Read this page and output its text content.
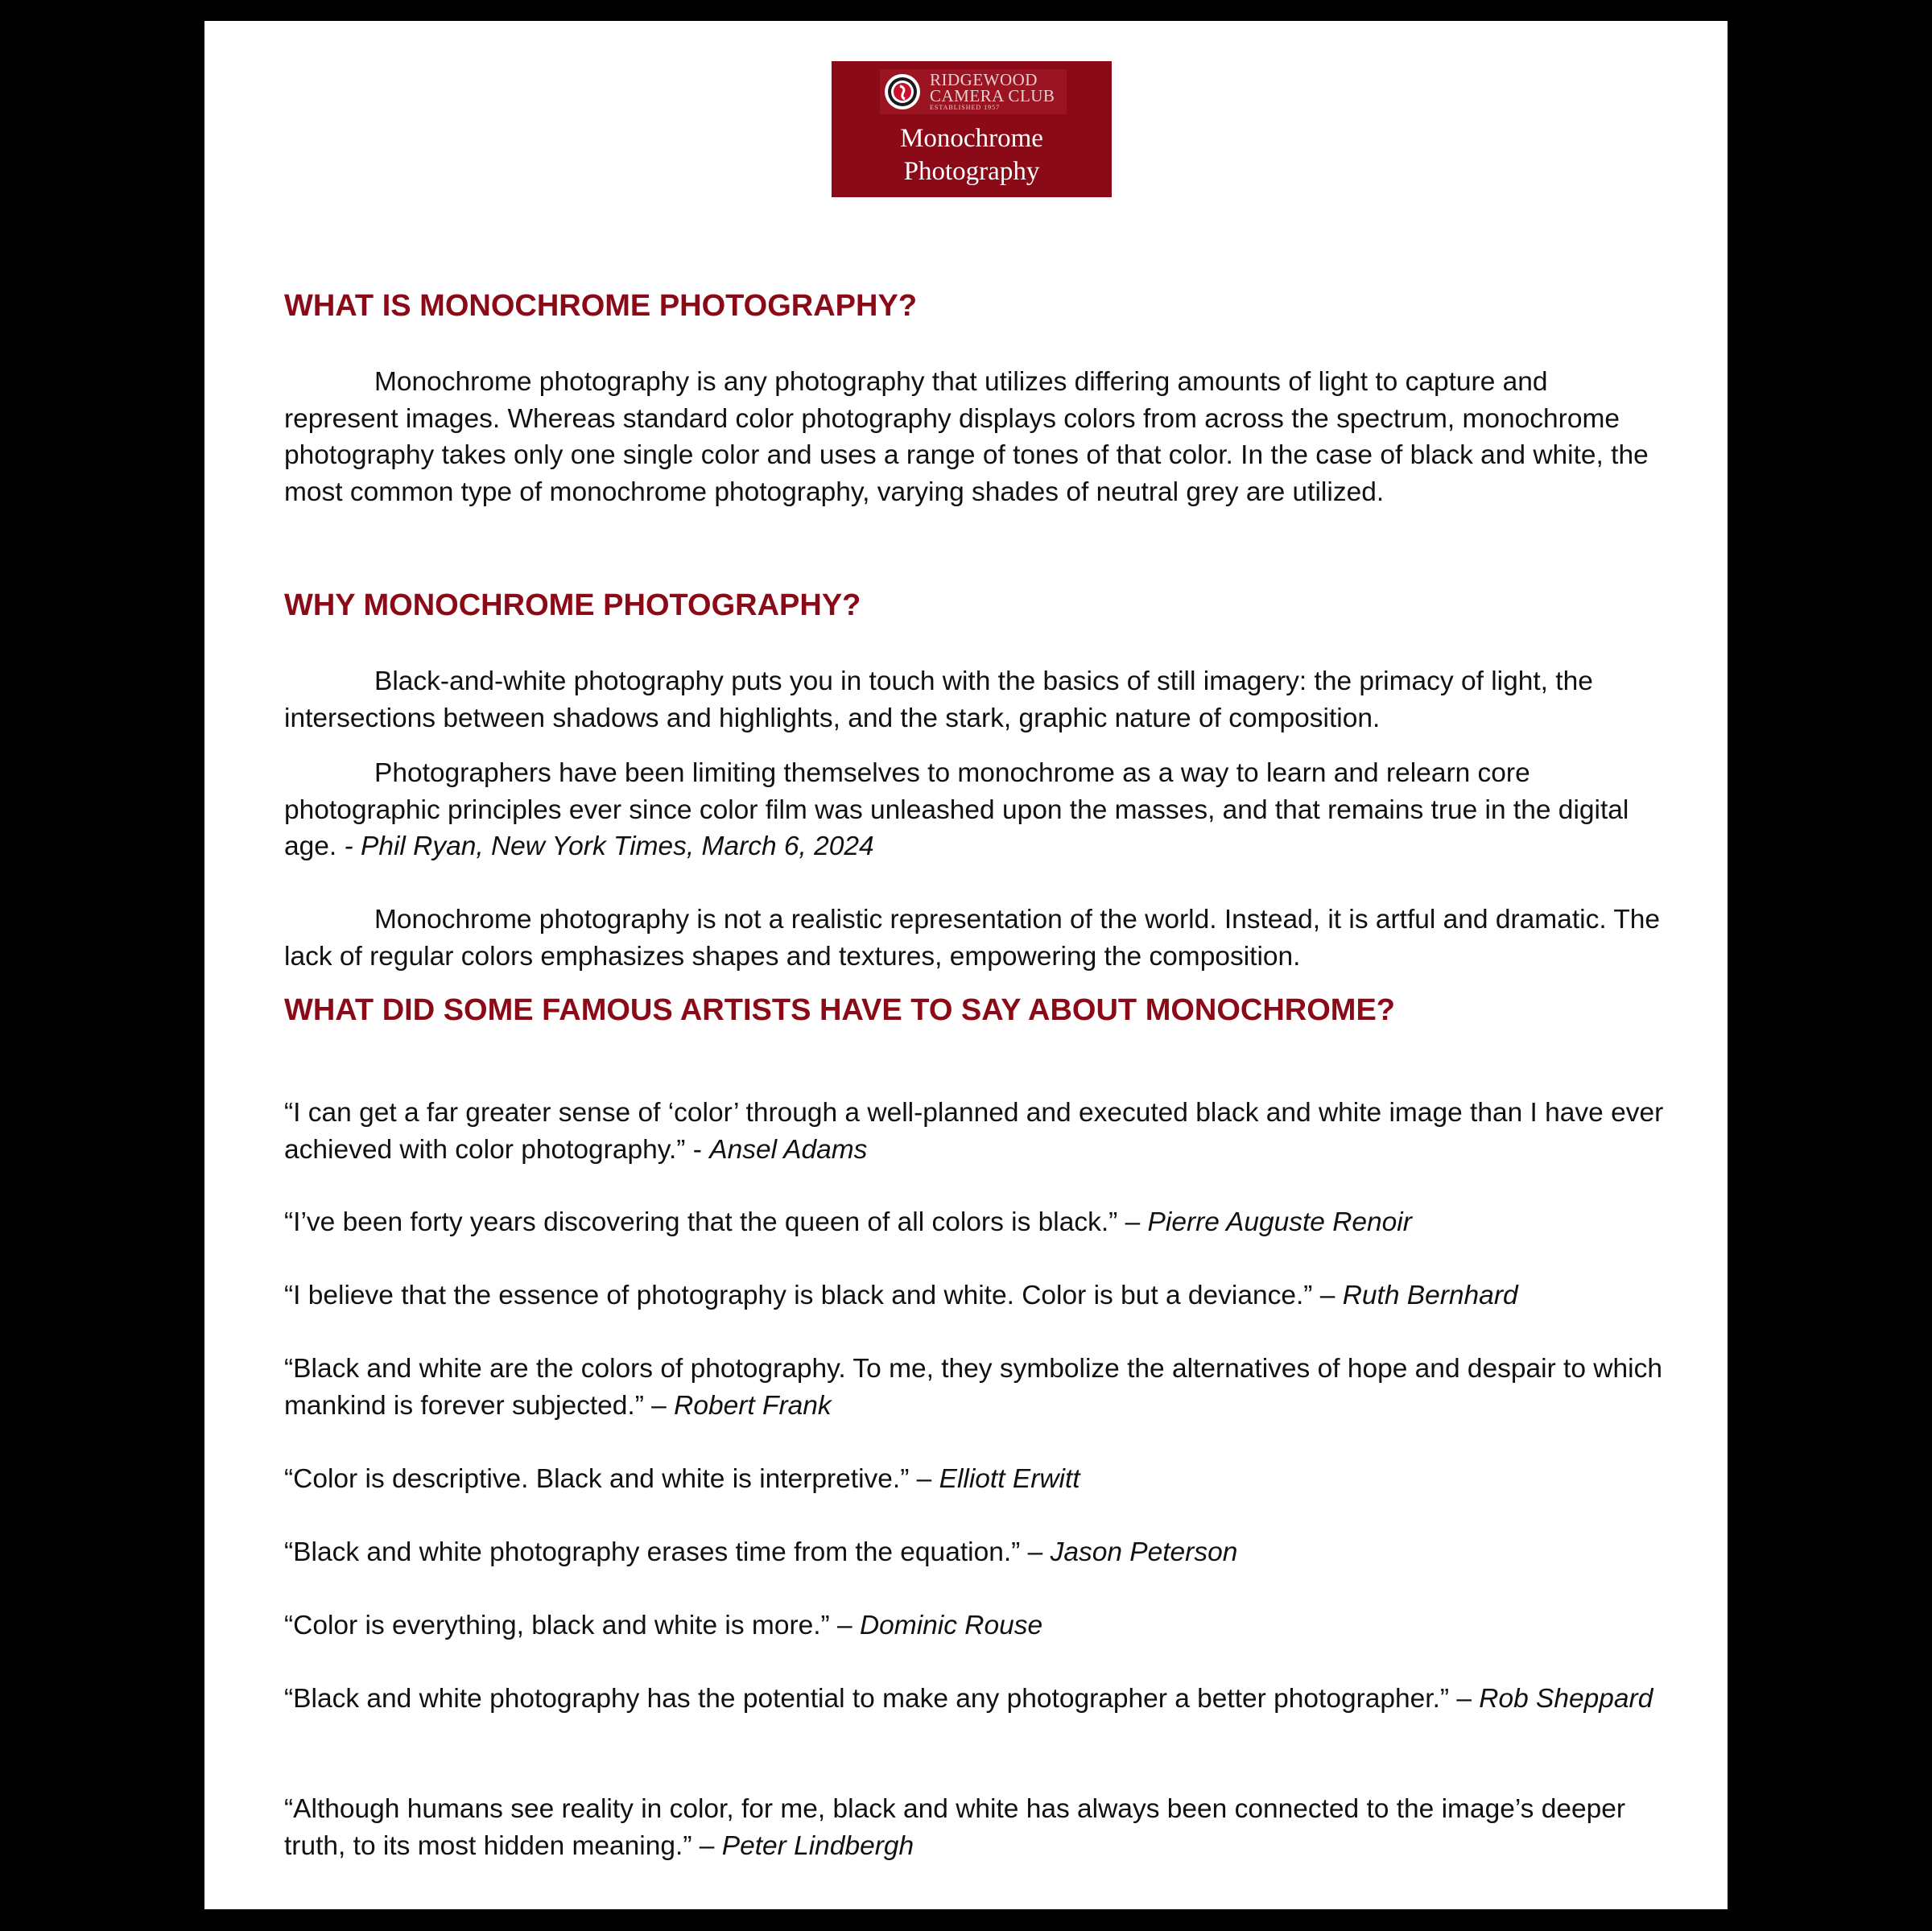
RIDGEWOOD
CAMERA CLUB
ESTABLISHED 1957
Monochrome
Photography
WHAT IS MONOCHROME PHOTOGRAPHY?

Monochrome photography is any photography that utilizes differing amounts of light to capture and represent images. Whereas standard color photography displays colors from across the spectrum, monochrome photography takes only one single color and uses a range of tones of that color. In the case of black and white, the most common type of monochrome photography, varying shades of neutral grey are utilized.

WHY MONOCHROME PHOTOGRAPHY?

Black-and-white photography puts you in touch with the basics of still imagery: the primacy of light, the intersections between shadows and highlights, and the stark, graphic nature of composition.

Photographers have been limiting themselves to monochrome as a way to learn and relearn core photographic principles ever since color film was unleashed upon the masses, and that remains true in the digital age. - Phil Ryan, New York Times, March 6, 2024

Monochrome photography is not a realistic representation of the world. Instead, it is artful and dramatic. The lack of regular colors emphasizes shapes and textures, empowering the composition.

WHAT DID SOME FAMOUS ARTISTS HAVE TO SAY ABOUT MONOCHROME?

“I can get a far greater sense of ‘color’ through a well-planned and executed black and white image than I have ever achieved with color photography.” - Ansel Adams

“I’ve been forty years discovering that the queen of all colors is black.” – Pierre Auguste Renoir

“I believe that the essence of photography is black and white. Color is but a deviance.” – Ruth Bernhard

“Black and white are the colors of photography. To me, they symbolize the alternatives of hope and despair to which mankind is forever subjected.” – Robert Frank

“Color is descriptive. Black and white is interpretive.” – Elliott Erwitt

“Black and white photography erases time from the equation.” – Jason Peterson

“Color is everything, black and white is more.” – Dominic Rouse

“Black and white photography has the potential to make any photographer a better photographer.” – Rob Sheppard

“Although humans see reality in color, for me, black and white has always been connected to the image’s deeper truth, to its most hidden meaning.” – Peter Lindbergh
